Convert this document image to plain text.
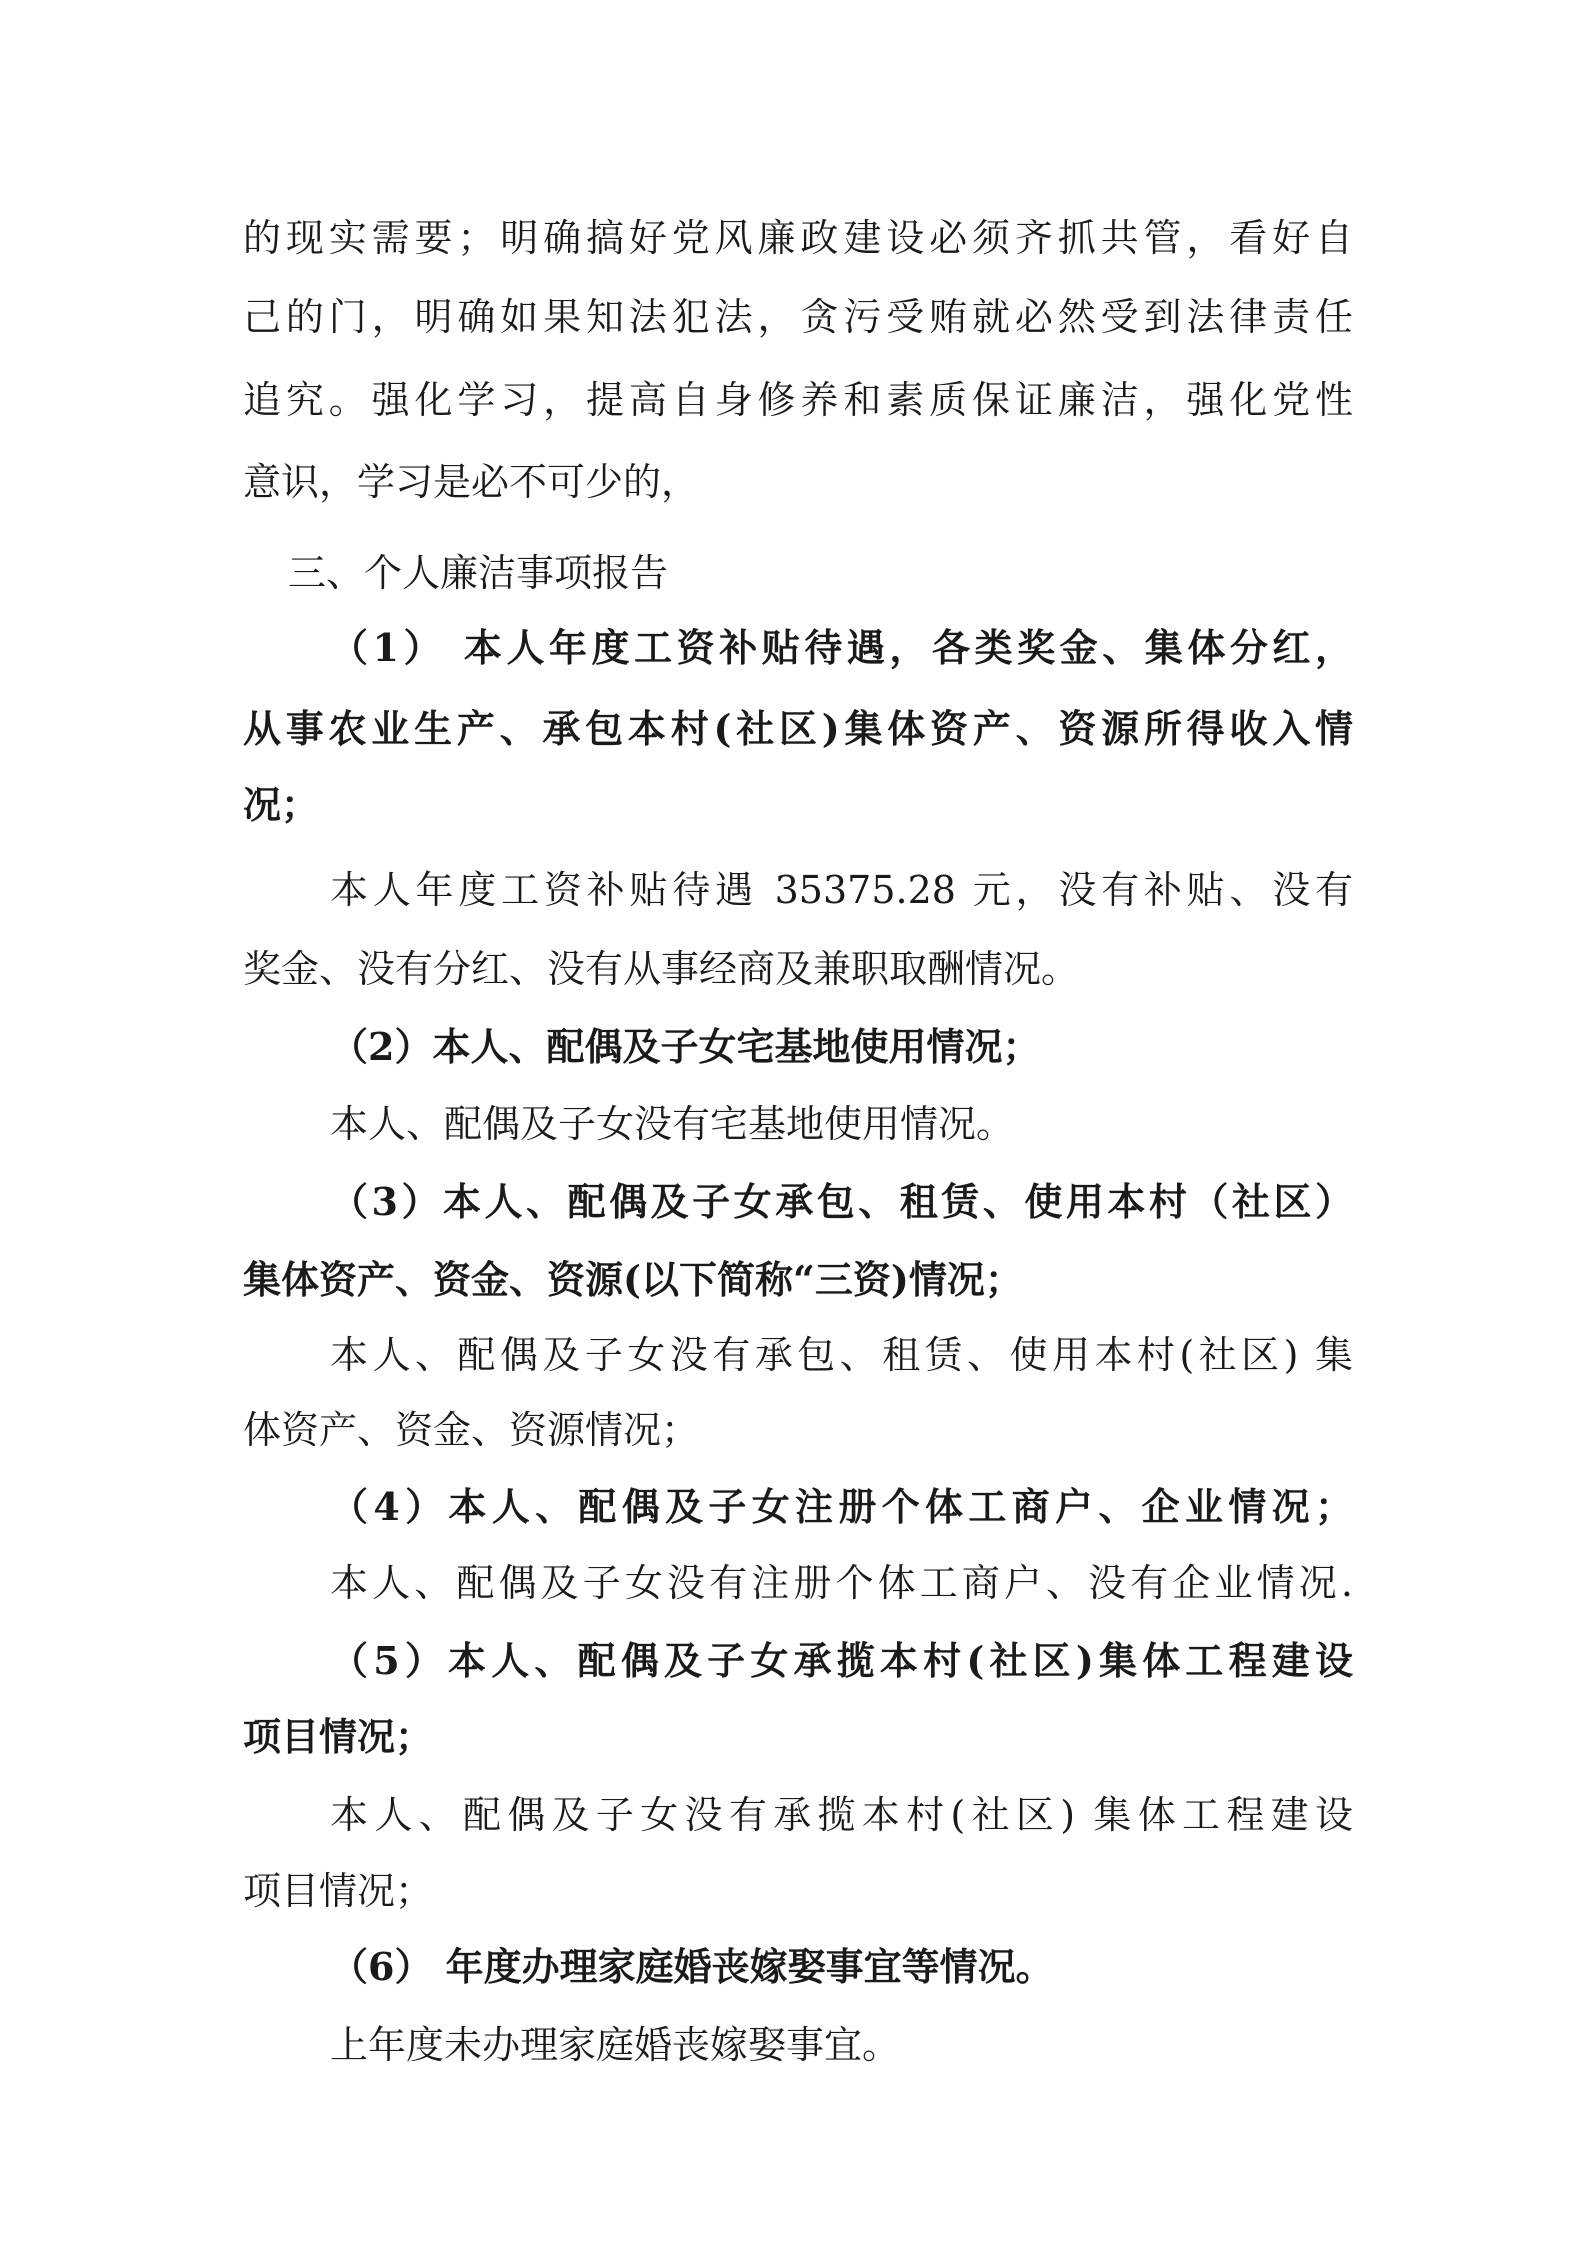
的现实需要；明确搞好党风廉政建设必须齐抓共管，看好自
己的门，明确如果知法犯法，贪污受贿就必然受到法律责任
追究。强化学习，提高自身修养和素质保证廉洁，强化党性
意识，学习是必不可少的，
三、个人廉洁事项报告
（1） 本人年度工资补贴待遇，各类奖金、集体分红，
从事农业生产、承包本村(社区)集体资产、资源所得收入情
况；
本人年度工资补贴待遇 35375.28 元，没有补贴、没有
奖金、没有分红、没有从事经商及兼职取酬情况。
（2）本人、配偶及子女宅基地使用情况；
本人、配偶及子女没有宅基地使用情况。
（3）本人、配偶及子女承包、租赁、使用本村（社区）
集体资产、资金、资源(以下简称“三资)情况；
本人、配偶及子女没有承包、租赁、使用本村(社区) 集
体资产、资金、资源情况；
（4）本人、配偶及子女注册个体工商户、企业情况；
本人、配偶及子女没有注册个体工商户、没有企业情况.
（5）本人、配偶及子女承揽本村(社区)集体工程建设
项目情况；
本人、配偶及子女没有承揽本村(社区) 集体工程建设
项目情况；
（6） 年度办理家庭婚丧嫁娶事宜等情况。
上年度未办理家庭婚丧嫁娶事宜。
